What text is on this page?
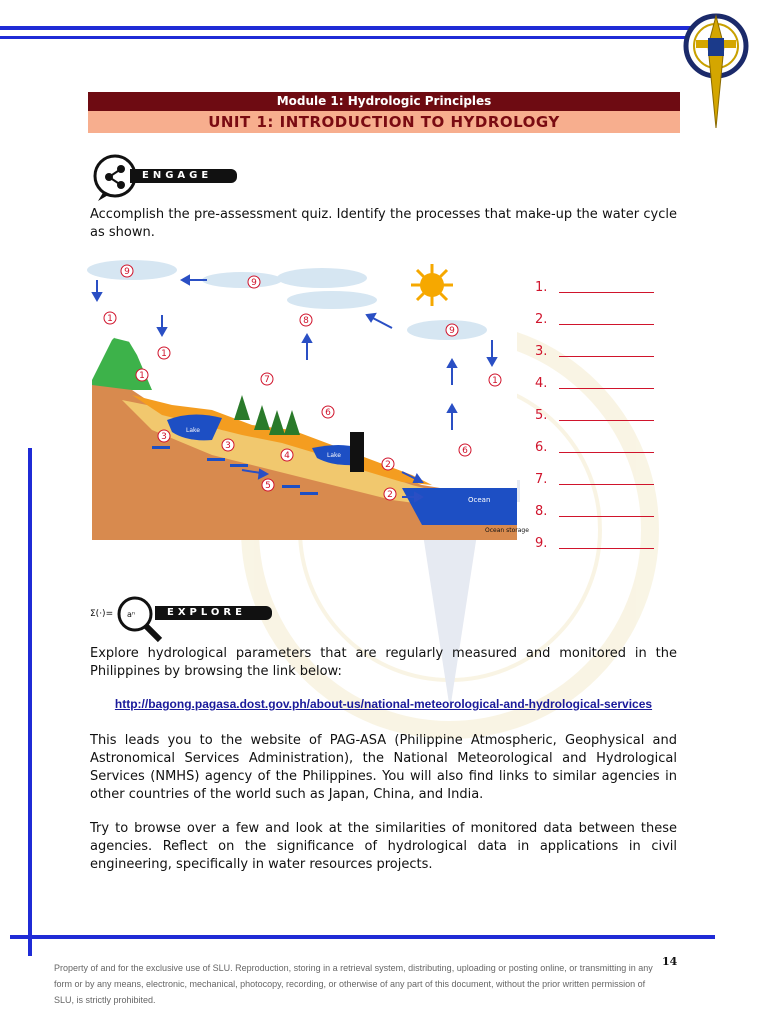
Module 1: Hydrologic Principles
UNIT 1: INTRODUCTION TO HYDROLOGY
ENGAGE
Accomplish the pre-assessment quiz. Identify the processes that make-up the water cycle as shown.
Lake
Lake
Ocean
Ocean storage
9
9
1
1
8
9
1
1
2
7
6
3
3
4
5
2
6
1.
2.
3.
4.
5.
6.
7.
8.
9.
Σ(·)= aⁿ	EXPLORE
Explore hydrological parameters that are regularly measured and monitored in the Philippines by browsing the link below:
http://bagong.pagasa.dost.gov.ph/about-us/national-meteorological-and-hydrological-services
This leads you to the website of PAG-ASA (Philippine Atmospheric, Geophysical and Astronomical Services Administration), the National Meteorological and Hydrological Services (NMHS) agency of the Philippines. You will also find links to similar agencies in other countries of the world such as Japan, China, and India.
Try to browse over a few and look at the similarities of monitored data between these agencies. Reflect on the significance of hydrological data in applications in civil engineering, specifically in water resources projects.
Property of and for the exclusive use of SLU. Reproduction, storing in a retrieval system, distributing, uploading or posting online, or transmitting in any form or by any means, electronic, mechanical, photocopy, recording, or otherwise of any part of this document, without the prior written permission of SLU, is strictly prohibited.
14
